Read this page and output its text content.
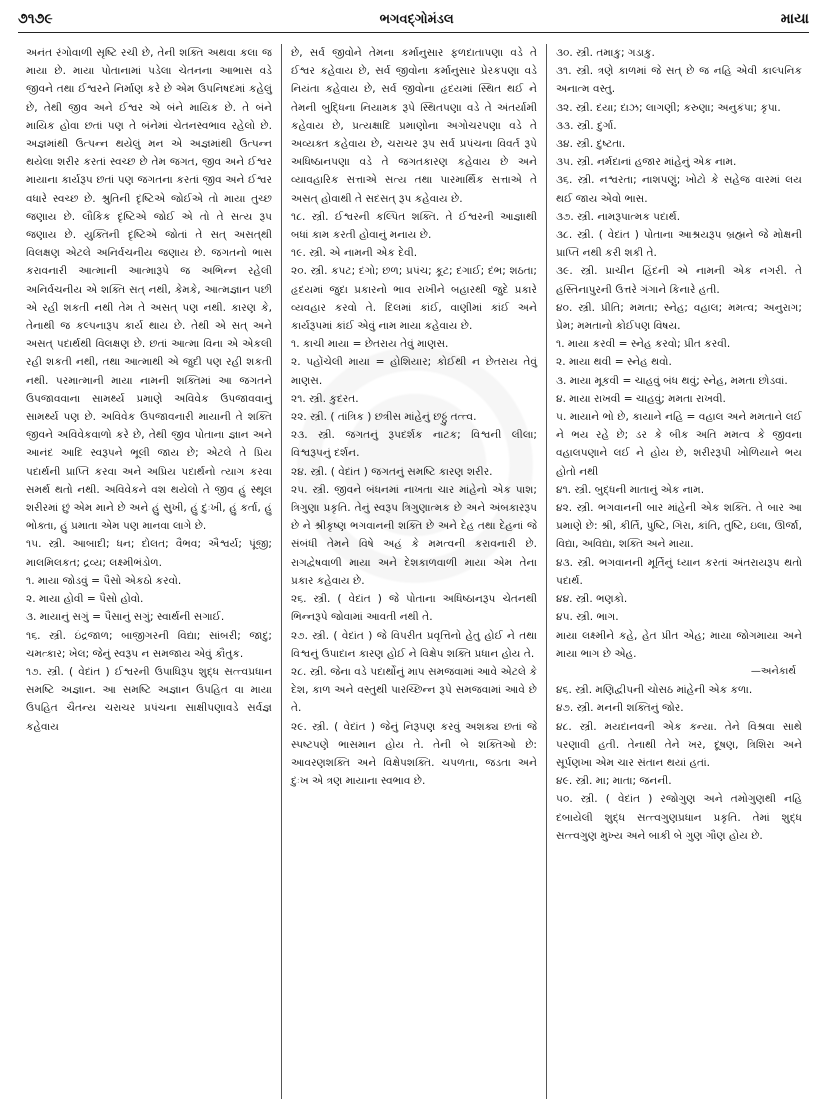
૭૧૭૯	ભગવદ્ગોમંડલ	માયા

અનંત રંગોવાળી સૃષ્ટિ રચી છે, તેની શક્તિ અથવા કલા જ માયા છે. માયા પોતાનામાં પડેલા ચેતનના આભાસ વડે જીવને તથા ઈશ્વરને નિર્માણ કરે છે એમ ઉપનિષદમાં કહેલું છે, તેથી જીવ અને ઈશ્વર એ બંને માયિક છે. તે બંને માયિક હોવા છતાં પણ તે બંનેમાં ચેતનસ્વભાવ રહેલો છે. અજ્ઞમાંથી ઉત્પન્ન થયેલું મન એ અજ્ઞમાંથી ઉત્પન્ન થયેલા શરીર કરતાં સ્વચ્છ છે તેમ જગત, જીવ અને ઈશ્વર માયાના કાર્યરૂપ છતાં પણ જગતના કરતાં જીવ અને ઈશ્વર વધારે સ્વચ્છ છે. શ્રુતિની દૃષ્ટિએ જોઈએ તો માયા તુચ્છ જણાય છે. લૌકિક દૃષ્ટિએ જોઈ એ તો તે સત્ય રૂપ જણાય છે. યુક્તિની દૃષ્ટિએ જોતાં તે સત્ અસત્‌થી વિલક્ષણ એટલે અનિર્વચનીય જણાય છે. જગતનો ભાસ કરાવનારી આત્માની આત્મારૂપે જ અભિન્ન રહેલી અનિર્વચનીય એ શક્તિ સત્ નથી, કેમકે, આત્મજ્ઞાન પછી એ રહી શકતી નથી તેમ તે અસત્ પણ નથી. કારણ કે, તેનાથી જ કલ્પનારૂપ કાર્ય થાય છે. તેથી એ સત્ અને અસત્ પદાર્થથી વિલક્ષણ છે. છતાં આત્મા વિના એ એકલી રહી શકતી નથી, તથા આત્માથી એ જુદી પણ રહી શકતી નથી. પરમાત્માની માયા નામની શક્તિમાં આ જગતને ઉપજાવવાના સામર્થ્ય પ્રમાણે અવિવેક ઉપજાવવાનું સામર્થ્ય પણ છે. અવિવેક ઉપજાવનારી માયાની તે શક્તિ જીવને અવિવેકવાળો કરે છે, તેથી જીવ પોતાના જ્ઞાન અને આનંદ આદિ સ્વરૂપને ભૂલી જાય છે; એટલે તે પ્રિય પદાર્થની પ્રાપ્તિ કરવા અને અપ્રિય પદાર્થનો ત્યાગ કરવા સમર્થ થતો નથી. અવિવેકને વશ થયેલો તે જીવ હું સ્થૂલ શરીરમાં છું એમ માને છે અને હું સુખી, હું દુઃખી, હું કર્તા, હું ભોક્તા, હું પ્રમાતા એમ પણ માનવા લાગે છે.

૧૫. સ્ત્રી. આબાદી; ધન; દોલત; વૈભવ; ઐશ્વર્ય; પૂંજી; માલમિલકત; દ્રવ્ય; લક્ષ્મીભંડોળ.

૧. માયા જોડવું = પૈસો એકઠો કરવો.

૨. માયા હોવી = પૈસો હોવો.

૩. માયાનું સગું = પૈસાનું સગું; સ્વાર્થની સગાઈ.

૧૬. સ્ત્રી. ઇંદ્રજાળ; બાજીગરની વિદ્યા; સાંબરી; જાદુ; ચમત્કાર; ખેલ; જેનું સ્વરૂપ ન સમજાય એવું કૌતુક.

૧૭. સ્ત્રી. ( વેદાંત ) ઈશ્વરની ઉપાધિરૂપ શુદ્ધ સત્ત્વપ્રધાન સમષ્ટિ અજ્ઞાન. આ સમષ્ટિ અજ્ઞાન ઉપહિત વા માયા ઉપહિત ચૈતન્ય ચરાચર પ્રપંચના સાક્ષીપણાવડે સર્વજ્ઞ કહેવાય

છે, સર્વ જીવોને તેમના કર્માનુસાર ફળદાતાપણા વડે તે ઈશ્વર કહેવાય છે, સર્વ જીવોના કર્માનુસાર પ્રેરકપણા વડે નિયંતા કહેવાય છે, સર્વ જીવોના હૃદયમાં સ્થિત થઈ ને તેમની બુદ્ધિના નિયામક રૂપે સ્થિતપણા વડે તે અંતર્યામી કહેવાય છે, પ્રત્યક્ષાદિ પ્રમાણોના અગોચરપણા વડે તે અવ્યક્ત કહેવાય છે, ચરાચર રૂપ સર્વ પ્રપંચના વિવર્ત રૂપે અધિષ્ઠાનપણા વડે તે જગતકારણ કહેવાય છે અને વ્યાવહારિક સત્તાએ સત્ય તથા પારમાર્થિક સત્તાએ તે અસત્ હોવાથી તે સદસત્ રૂપ કહેવાય છે.

૧૮. સ્ત્રી. ઈશ્વરની કલ્પિત શક્તિ. તે ઈશ્વરની આજ્ઞાથી બધાં કામ કરતી હોવાનું મનાય છે.

૧૯. સ્ત્રી. એ નામની એક દેવી.

૨૦. સ્ત્રી. કપટ; દગો; છળ; પ્રપંચ; કૂટ; દગાઈ; દંભ; શઠતા; હૃદયમાં જુદા પ્રકારનો ભાવ રાખીને બહારથી જુદે પ્રકારે વ્યવહાર કરવો તે. દિલમાં કાંઈ, વાણીમાં કાંઈ અને કાર્યરૂપમાં કાંઈ એવું નામ માયા કહેવાય છે.

૧. કાચી માયા = છેતરાય તેવું માણસ.

૨. પહોંચેલી માયા = હોશિયાર; કોઈથી ન છેતરાય તેવું માણસ.

૨૧. સ્ત્રી. કુદરત.

૨૨. સ્ત્રી. ( તાંત્રિક ) છત્રીસ માંહેનું છઠ્ઠું તત્ત્વ.

૨૩. સ્ત્રી. જગતનું રૂપદર્શક નાટક; વિશ્વની લીલા; વિશ્વરૂપનું દર્શન.

૨૪. સ્ત્રી. ( વેદાંત ) જગતનું સમષ્ટિ કારણ શરીર.

૨૫. સ્ત્રી. જીવને બંધનમાં નાખતા ચાર માંહેનો એક પાશ; ત્રિગુણા પ્રકૃતિ. તેનું સ્વરૂપ ત્રિગુણાત્મક છે અને અંબકારરૂપ છે ને શ્રીકૃષ્ણ ભગવાનની શક્તિ છે અને દેહ તથા દેહનાં જે સંબંધી તેમને વિષે અહં કે મમત્વની કરાવનારી છે. રાગદ્વેષવાળી માયા અને દેશકાળવાળી માયા એમ તેના પ્રકાર કહેવાય છે.

૨૬. સ્ત્રી. ( વેદાંત ) જે પોતાના અધિષ્ઠાનરૂપ ચેતનથી ભિન્નરૂપે જોવામાં આવતી નથી તે.

૨૭. સ્ત્રી. ( વેદાંત ) જે વિપરીત પ્રવૃત્તિનો હેતુ હોઈ ને તથા વિશ્વનું ઉપાદાન કારણ હોઈ ને વિક્ષેપ શક્તિ પ્રધાન હોય તે.

૨૮. સ્ત્રી. જેના વડે પદાર્થોનું માપ સમજવામાં આવે એટલે કે દેશ, કાળ અને વસ્તુથી પારચ્છિન્ન રૂપે સમજવામાં આવે છે તે.

૨૯. સ્ત્રી. ( વેદાંત ) જેનું નિરૂપણ કરવું અશક્ય છતાં જે સ્પષ્ટપણે ભાસમાન હોય તે. તેની બે શક્તિઓ છે: આવરણશક્તિ અને વિક્ષેપશક્તિ. ચપળતા, જડતા અને દુઃખ એ ત્રણ માયાના સ્વભાવ છે.

૩૦. સ્ત્રી. તમાકુ; ગડાકુ.

૩૧. સ્ત્રી. ત્રણે કાળમાં જે સત્ છે જ નહિ એવી કાલ્પનિક અનાત્મ વસ્તુ.

૩૨. સ્ત્રી. દયા; દાઝ; લાગણી; કરુણા; અનુકંપા; કૃપા.

૩૩. સ્ત્રી. દુર્ગા.

૩૪. સ્ત્રી. દુષ્ટતા.

૩૫. સ્ત્રી. નર્મદાનાં હજાર માંહેનું એક નામ.

૩૬. સ્ત્રી. નશ્વરતા; નાશપણું; ખોટો કે સહેજ વારમાં લય થઈ જાય એવો ભાસ.

૩૭. સ્ત્રી. નામરૂપાત્મક પદાર્થ.

૩૮. સ્ત્રી. ( વેદાંત ) પોતાના આશ્રયરૂપ બ્રહ્મને જે મોક્ષની પ્રાપ્તિ નથી કરી શકી તે.

૩૯. સ્ત્રી. પ્રાચીન હિંદની એ નામની એક નગરી. તે હસ્તિનાપુરની ઉત્તરે ગંગાને કિનારે હતી.

૪૦. સ્ત્રી. પ્રીતિ; મમતા; સ્નેહ; વહાલ; મમત્વ; અનુરાગ; પ્રેમ; મમતાનો કોઈપણ વિષય.

૧. માયા કરવી = સ્નેહ કરવો; પ્રીત કરવી.

૨. માયા થવી = સ્નેહ થવો.

૩. માયા મૂકવી = ચાહવું બંધ થવું; સ્નેહ, મમતા છોડવાં.

૪. માયા રાખવી = ચાહવું; મમતા રાખવી.

૫. માયાને ભો છે, કાયાને નહિ = વહાલ અને મમતાને લઈ ને ભય રહે છે; ડર કે બીક અતિ મમત્વ કે જીવના વહાલપણાને લઈ ને હોય છે, શરીરરૂપી ખોળિયાને ભય હોતો નથી

૪૧. સ્ત્રી. બુદ્ધની માતાનું એક નામ.

૪૨. સ્ત્રી. ભગવાનની બાર માંહેની એક શક્તિ. તે બાર આ પ્રમાણે છે: શ્રી, કીર્તિ, પુષ્ટિ, ગિરા, કાંતિ, તુષ્ટિ, ઇલા, ઊર્જા, વિદ્યા, અવિદ્યા, શક્તિ અને માયા.

૪૩. સ્ત્રી. ભગવાનની મૂર્તિનું ધ્યાન કરતાં અંતરાયરૂપ થતો પદાર્થ.

૪૪. સ્ત્રી. ભણકો.

૪૫. સ્ત્રી. ભાગ.

માયા લક્ષ્મીને કહે, હેત પ્રીત એહ; માયા જોગમાયા અને માયા ભાગ છે એહ.

—અનેકાર્થ

૪૬. સ્ત્રી. મણિદ્વીપની ચોસઠ માંહેની એક કળા.

૪૭. સ્ત્રી. મનની શક્તિનું જોર.

૪૮. સ્ત્રી. મયદાનવની એક કન્યા. તેને વિશ્રવા સાથે પરણાવી હતી. તેનાથી તેને ખર, દૂષણ, ત્રિશિરા અને સૂર્પણખા એમ ચાર સંતાન થયાં હતાં.

૪૯. સ્ત્રી. મા; માતા; જનની.

૫૦. સ્ત્રી. ( વેદાંત ) રજોગુણ અને તમોગુણથી નહિ દબાયેલી શુદ્ધ સત્ત્વગુણપ્રધાન પ્રકૃતિ. તેમાં શુદ્ધ સત્ત્વગુણ મુખ્ય અને બાકી બે ગુણ ગૌણ હોય છે.
